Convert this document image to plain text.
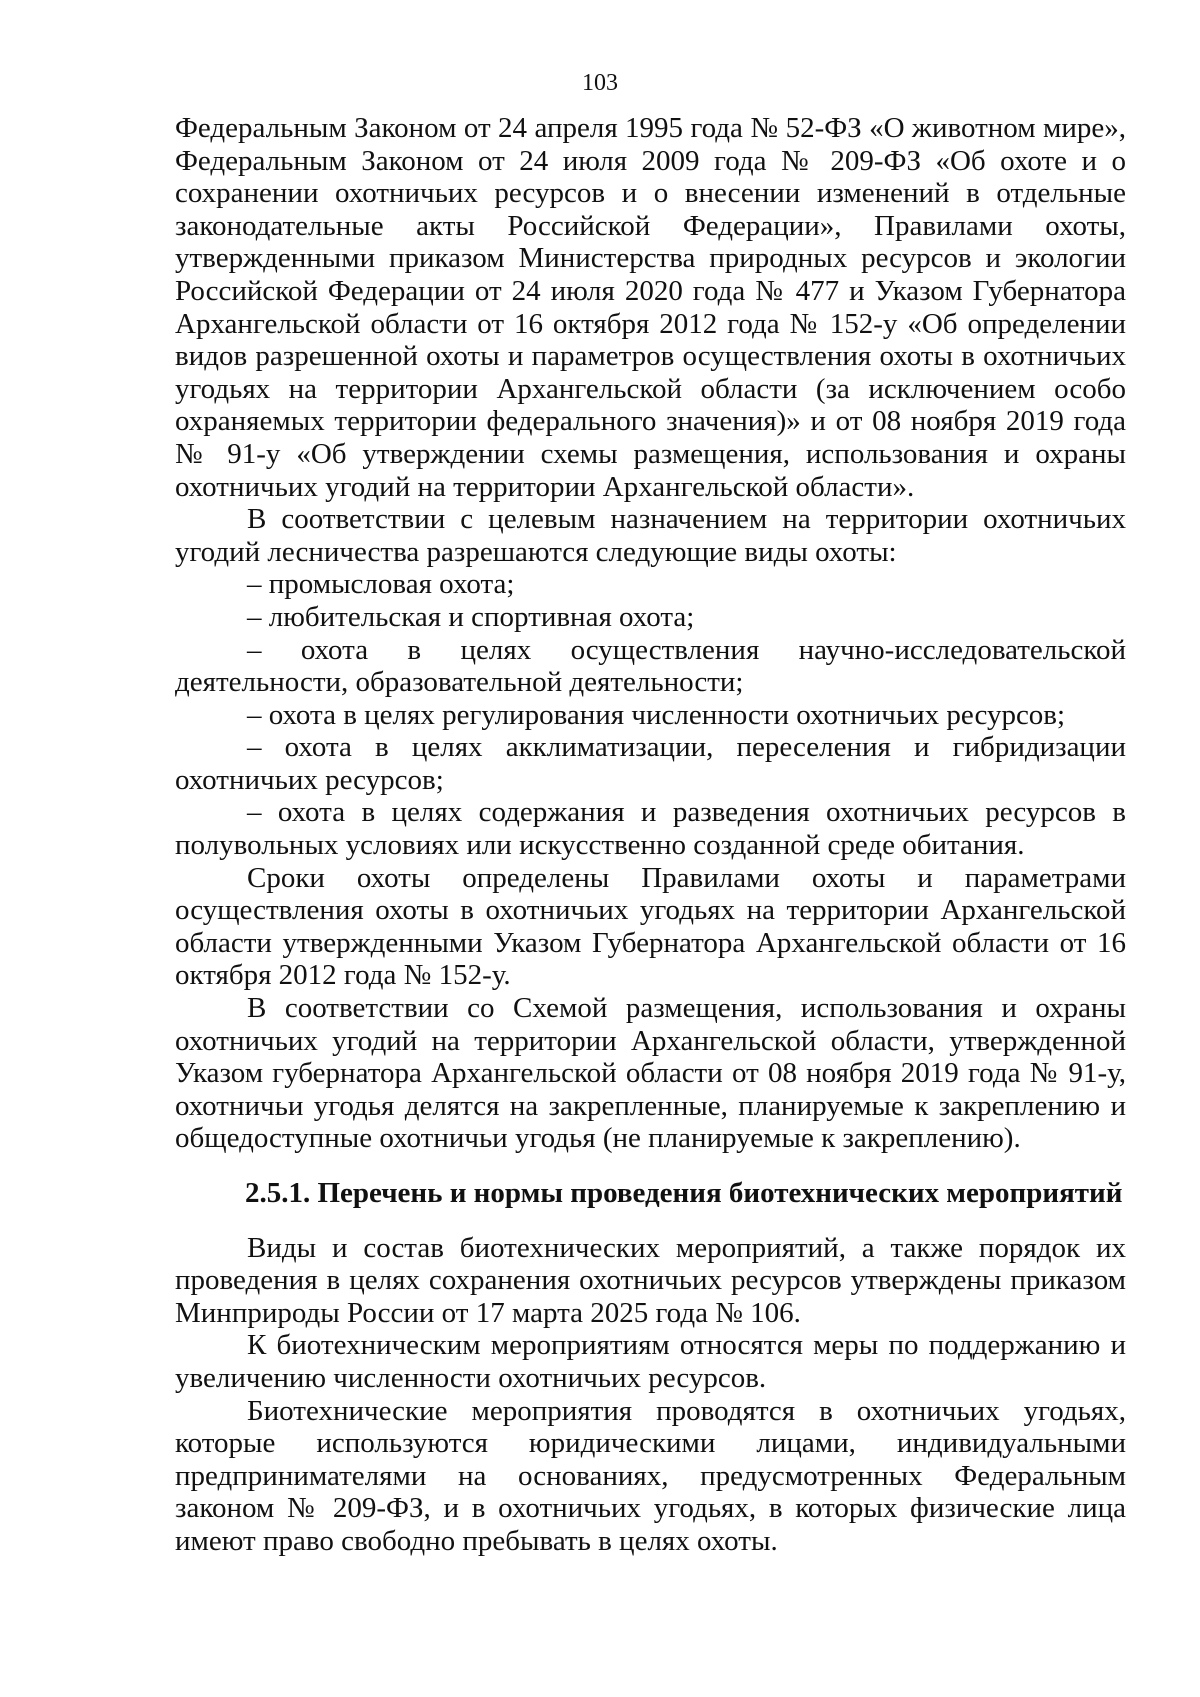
103

Федеральным Законом от 24 апреля 1995 года № 52-ФЗ «О животном мире», Федеральным Законом от 24 июля 2009 года № 209-ФЗ «Об охоте и о сохранении охотничьих ресурсов и о внесении изменений в отдельные законодательные акты Российской Федерации», Правилами охоты, утвержденными приказом Министерства природных ресурсов и экологии Российской Федерации от 24 июля 2020 года № 477 и Указом Губернатора Архангельской области от 16 октября 2012 года № 152-у «Об определении видов разрешенной охоты и параметров осуществления охоты в охотничьих угодьях на территории Архангельской области (за исключением особо охраняемых территории федерального значения)» и от 08 ноября 2019 года № 91-у «Об утверждении схемы размещения, использования и охраны охотничьих угодий на территории Архангельской области».

В соответствии с целевым назначением на территории охотничьих угодий лесничества разрешаются следующие виды охоты:

– промысловая охота;

– любительская и спортивная охота;

– охота в целях осуществления научно-исследовательской деятельности, образовательной деятельности;

– охота в целях регулирования численности охотничьих ресурсов;

– охота в целях акклиматизации, переселения и гибридизации охотничьих ресурсов;

– охота в целях содержания и разведения охотничьих ресурсов в полувольных условиях или искусственно созданной среде обитания.

Сроки охоты определены Правилами охоты и параметрами осуществления охоты в охотничьих угодьях на территории Архангельской области утвержденными Указом Губернатора Архангельской области от 16 октября 2012 года № 152-у.

В соответствии со Схемой размещения, использования и охраны охотничьих угодий на территории Архангельской области, утвержденной Указом губернатора Архангельской области от 08 ноября 2019 года № 91-у, охотничьи угодья делятся на закрепленные, планируемые к закреплению и общедоступные охотничьи угодья (не планируемые к закреплению).

2.5.1. Перечень и нормы проведения биотехнических мероприятий

Виды и состав биотехнических мероприятий, а также порядок их проведения в целях сохранения охотничьих ресурсов утверждены приказом Минприроды России от 17 марта 2025 года № 106.

К биотехническим мероприятиям относятся меры по поддержанию и увеличению численности охотничьих ресурсов.

Биотехнические мероприятия проводятся в охотничьих угодьях, которые используются юридическими лицами, индивидуальными предпринимателями на основаниях, предусмотренных Федеральным законом № 209-ФЗ, и в охотничьих угодьях, в которых физические лица имеют право свободно пребывать в целях охоты.
